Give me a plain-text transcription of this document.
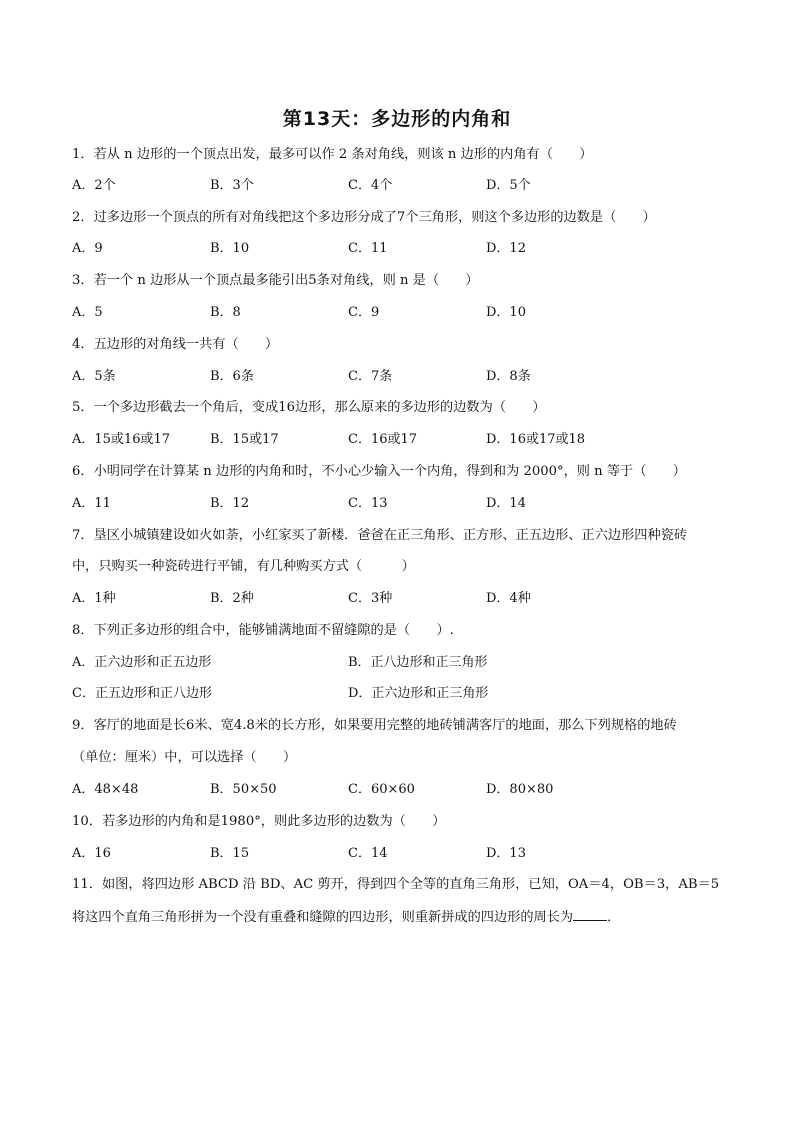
第13天：多边形的内角和
1．若从 n 边形的一个顶点出发，最多可以作 2 条对角线，则该 n 边形的内角有（　　）
A．2个	B．3个	C．4个	D．5个
2．过多边形一个顶点的所有对角线把这个多边形分成了7个三角形，则这个多边形的边数是（　　）
A．9	B．10	C．11	D．12
3．若一个 n 边形从一个顶点最多能引出5条对角线，则 n 是（　　）
A．5	B．8	C．9	D．10
4．五边形的对角线一共有（　　）
A．5条	B．6条	C．7条	D．8条
5．一个多边形截去一个角后，变成16边形，那么原来的多边形的边数为（　　）
A．15或16或17	B．15或17	C．16或17	D．16或17或18
6．小明同学在计算某 n 边形的内角和时，不小心少输入一个内角，得到和为 2000°，则 n 等于（　　）
A．11	B．12	C．13	D．14
7．垦区小城镇建设如火如荼，小红家买了新楼．爸爸在正三角形、正方形、正五边形、正六边形四种瓷砖
中，只购买一种瓷砖进行平铺，有几种购买方式（　　　）
A．1种	B．2种	C．3种	D．4种
8．下列正多边形的组合中，能够铺满地面不留缝隙的是（　　）.
A．正六边形和正五边形	B．正八边形和正三角形
C．正五边形和正八边形	D．正六边形和正三角形
9．客厅的地面是长6米、宽4.8米的长方形，如果要用完整的地砖铺满客厅的地面，那么下列规格的地砖
（单位：厘米）中，可以选择（　　）
A．48×48	B．50×50	C．60×60	D．80×80
10．若多边形的内角和是1980°，则此多边形的边数为（　　）
A．16	B．15	C．14	D．13
11．如图，将四边形 ABCD 沿 BD、AC 剪开，得到四个全等的直角三角形，已知，OA＝4，OB＝3，AB＝5
将这四个直角三角形拼为一个没有重叠和缝隙的四边形，则重新拼成的四边形的周长为	．
